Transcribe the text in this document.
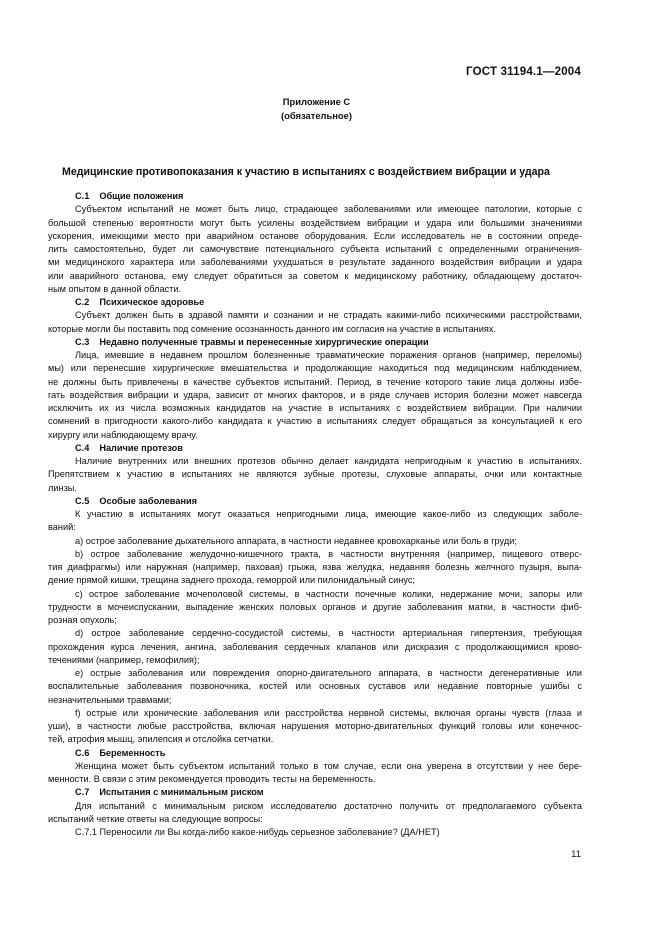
ГОСТ 31194.1—2004
Приложение С
(обязательное)
Медицинские противопоказания к участию в испытаниях с воздействием вибрации и удара
С.1 Общие положения
Субъектом испытаний не может быть лицо, страдающее заболеваниями или имеющее патологии, которые с
большой степенью вероятности могут быть усилены воздействием вибрации и удара или большими значениями
ускорения, имеющими место при аварийном останове оборудования. Если исследователь не в состоянии опреде-
лить самостоятельно, будет ли самочувствие потенциального субъекта испытаний с определенными ограничения-
ми медицинского характера или заболеваниями ухудшаться в результате заданного воздействия вибрации и удара
или аварийного останова, ему следует обратиться за советом к медицинскому работнику, обладающему достаточ-
ным опытом в данной области.
С.2 Психическое здоровье
Субъект должен быть в здравой памяти и сознании и не страдать какими-либо психическими расстройствами,
которые могли бы поставить под сомнение осознанность данного им согласия на участие в испытаниях.
С.3 Недавно полученные травмы и перенесенные хирургические операции
Лица, имевшие в недавнем прошлом болезненные травматические поражения органов (например, переломы)
мы) или перенесшие хирургические вмешательства и продолжающие находиться под медицинским наблюдением,
не должны быть привлечены в качестве субъектов испытаний. Период, в течение которого такие лица должны избе-
гать воздействия вибрации и удара, зависит от многих факторов, и в ряде случаев история болезни может навсегда
исключить их из числа возможных кандидатов на участие в испытаниях с воздействием вибрации. При наличии
сомнений в пригодности какого-либо кандидата к участию в испытаниях следует обращаться за консультацией к его
хирургу или наблюдающему врачу.
С.4 Наличие протезов
Наличие внутренних или внешних протезов обычно делает кандидата непригодным к участию в испытаниях.
Препятствием к участию в испытаниях не являются зубные протезы, слуховые аппараты, очки или контактные
линзы.
С.5 Особые заболевания
К участию в испытаниях могут оказаться непригодными лица, имеющие какое-либо из следующих заболе-
ваний:
a) острое заболевание дыхательного аппарата, в частности недавнее кровохарканье или боль в груди;
b) острое заболевание желудочно-кишечного тракта, в частности внутренняя (например, пищевого отверс-
тия диафрагмы) или наружная (например, паховая) грыжа, язва желудка, недавняя болезнь желчного пузыря, выпа-
дение прямой кишки, трещина заднего прохода, геморрой или пилонидальный синус;
c) острое заболевание мочеполовой системы, в частности почечные колики, недержание мочи, запоры или
трудности в мочеиспускании, выпадение женских половых органов и другие заболевания матки, в частности фиб-
розная опухоль;
d) острое заболевание сердечно-сосудистой системы, в частности артериальная гипертензия, требующая
прохождения курса лечения, ангина, заболевания сердечных клапанов или дискразия с продолжающимися крово-
течениями (например, гемофилия);
e) острые заболевания или повреждения опорно-двигательного аппарата, в частности дегенеративные или
воспалительные заболевания позвоночника, костей или основных суставов или недавние повторные ушибы с
незначительными травмами;
f) острые или хронические заболевания или расстройства нервной системы, включая органы чувств (глаза и
уши), в частности любые расстройства, включая нарушения моторно-двигательных функций головы или конечнос-
тей, атрофия мышц, эпилепсия и отслойка сетчатки.
С.6 Беременность
Женщина может быть субъектом испытаний только в том случае, если она уверена в отсутствии у нее бере-
менности. В связи с этим рекомендуется проводить тесты на беременность.
С.7 Испытания с минимальным риском
Для испытаний с минимальным риском исследователю достаточно получить от предполагаемого субъекта
испытаний четкие ответы на следующие вопросы:
С.7.1 Переносили ли Вы когда-либо какое-нибудь серьезное заболевание? (ДА/НЕТ)
11
